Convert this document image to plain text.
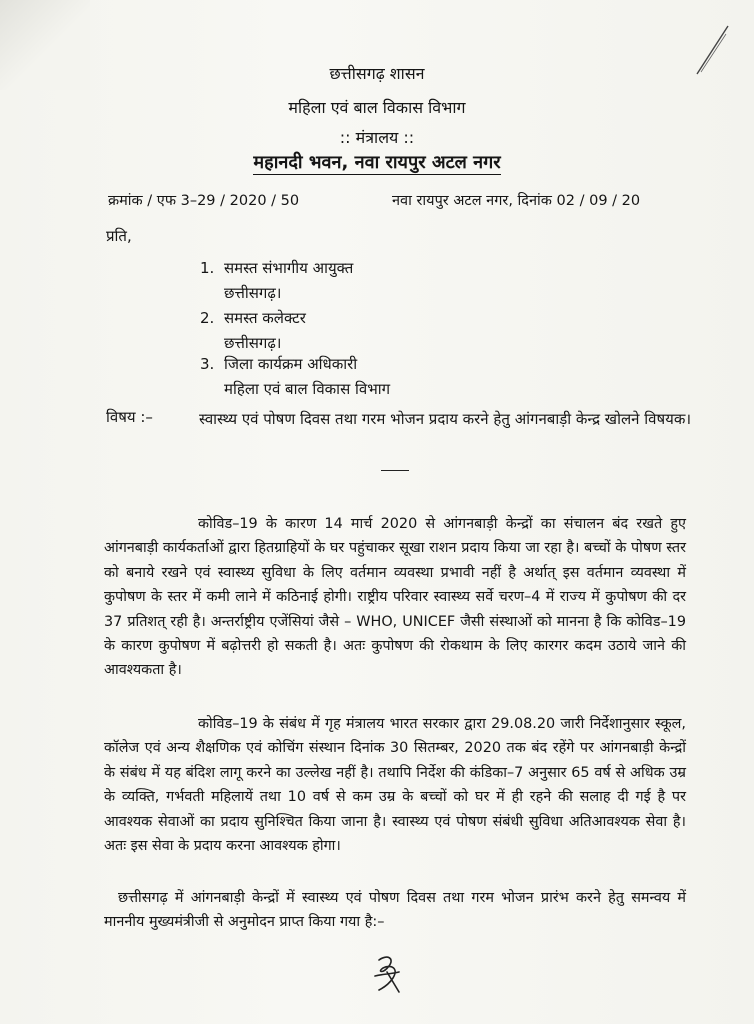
छत्तीसगढ़ शासन
महिला एवं बाल विकास विभाग
:: मंत्रालय ::
महानदी भवन, नवा रायपुर अटल नगर
क्रमांक / एफ 3–29 / 2020 / 50	नवा रायपुर अटल नगर, दिनांक 02 / 09 / 20
प्रति,
1. समस्त संभागीय आयुक्त
छत्तीसगढ़।
2. समस्त कलेक्टर
छत्तीसगढ़।
3. जिला कार्यक्रम अधिकारी
महिला एवं बाल विकास विभाग
विषय :–	स्वास्थ्य एवं पोषण दिवस तथा गरम भोजन प्रदाय करने हेतु आंगनबाड़ी केन्द्र खोलने विषयक।

कोविड–19 के कारण 14 मार्च 2020 से आंगनबाड़ी केन्द्रों का संचालन बंद रखते हुए आंगनबाड़ी कार्यकर्ताओं द्वारा हितग्राहियों के घर पहुंचाकर सूखा राशन प्रदाय किया जा रहा है। बच्चों के पोषण स्तर को बनाये रखने एवं स्वास्थ्य सुविधा के लिए वर्तमान व्यवस्था प्रभावी नहीं है अर्थात् इस वर्तमान व्यवस्था में कुपोषण के स्तर में कमी लाने में कठिनाई होगी। राष्ट्रीय परिवार स्वास्थ्य सर्वे चरण–4 में राज्य में कुपोषण की दर 37 प्रतिशत् रही है। अन्तर्राष्ट्रीय एजेंसियां जैसे – WHO, UNICEF जैसी संस्थाओं को मानना है कि कोविड–19 के कारण कुपोषण में बढ़ोत्तरी हो सकती है। अतः कुपोषण की रोकथाम के लिए कारगर कदम उठाये जाने की आवश्यकता है।

कोविड–19 के संबंध में गृह मंत्रालय भारत सरकार द्वारा 29.08.20 जारी निर्देशानुसार स्कूल, कॉलेज एवं अन्य शैक्षणिक एवं कोचिंग संस्थान दिनांक 30 सितम्बर, 2020 तक बंद रहेंगे पर आंगनबाड़ी केन्द्रों के संबंध में यह बंदिश लागू करने का उल्लेख नहीं है। तथापि निर्देश की कंडिका–7 अनुसार 65 वर्ष से अधिक उम्र के व्यक्ति, गर्भवती महिलायें तथा 10 वर्ष से कम उम्र के बच्चों को घर में ही रहने की सलाह दी गई है पर आवश्यक सेवाओं का प्रदाय सुनिश्चित किया जाना है। स्वास्थ्य एवं पोषण संबंधी सुविधा अतिआवश्यक सेवा है। अतः इस सेवा के प्रदाय करना आवश्यक होगा।

छत्तीसगढ़ में आंगनबाड़ी केन्द्रों में स्वास्थ्य एवं पोषण दिवस तथा गरम भोजन प्रारंभ करने हेतु समन्वय में माननीय मुख्यमंत्रीजी से अनुमोदन प्राप्त किया गया है:–
